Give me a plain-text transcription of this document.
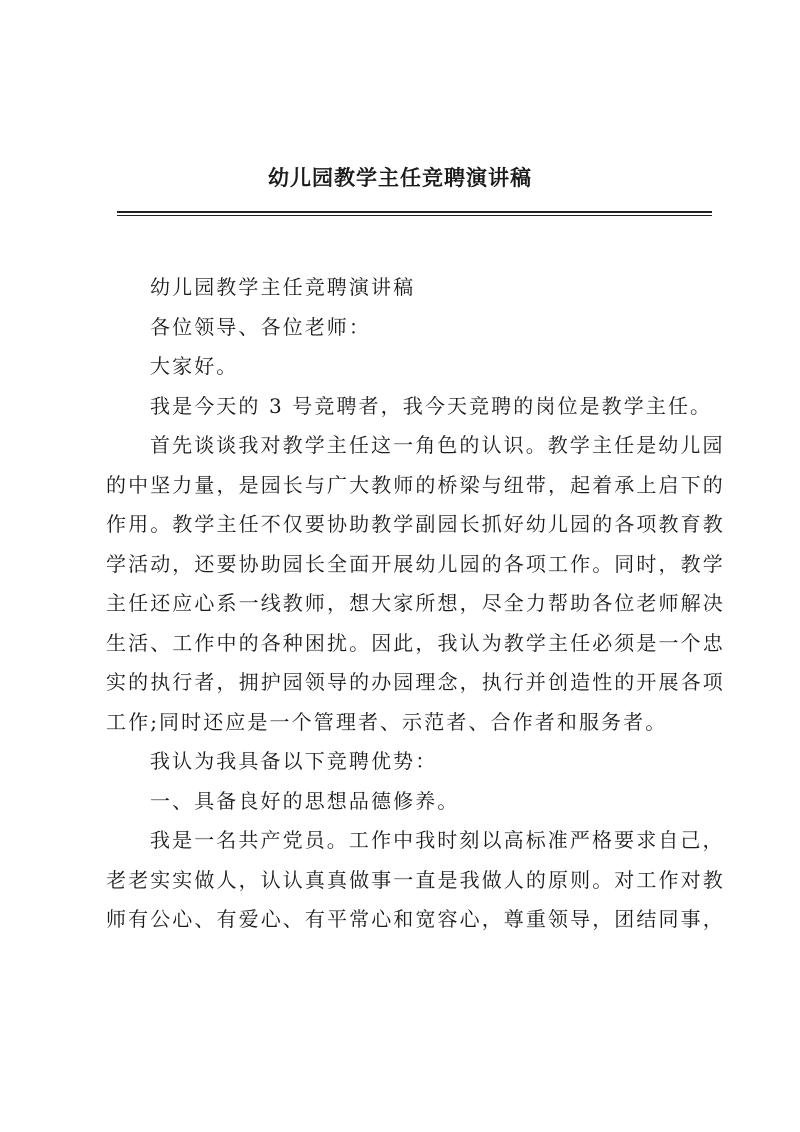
幼儿园教学主任竞聘演讲稿
幼儿园教学主任竞聘演讲稿
各位领导、各位老师：
大家好。
我是今天的 3 号竞聘者，我今天竞聘的岗位是教学主任。
首先谈谈我对教学主任这一角色的认识。教学主任是幼儿园
的中坚力量，是园长与广大教师的桥梁与纽带，起着承上启下的
作用。教学主任不仅要协助教学副园长抓好幼儿园的各项教育教
学活动，还要协助园长全面开展幼儿园的各项工作。同时，教学
主任还应心系一线教师，想大家所想，尽全力帮助各位老师解决
生活、工作中的各种困扰。因此，我认为教学主任必须是一个忠
实的执行者，拥护园领导的办园理念，执行并创造性的开展各项
工作;同时还应是一个管理者、示范者、合作者和服务者。
我认为我具备以下竞聘优势：
一、具备良好的思想品德修养。
我是一名共产党员。工作中我时刻以高标准严格要求自己，
老老实实做人，认认真真做事一直是我做人的原则。对工作对教
师有公心、有爱心、有平常心和宽容心，尊重领导，团结同事，
